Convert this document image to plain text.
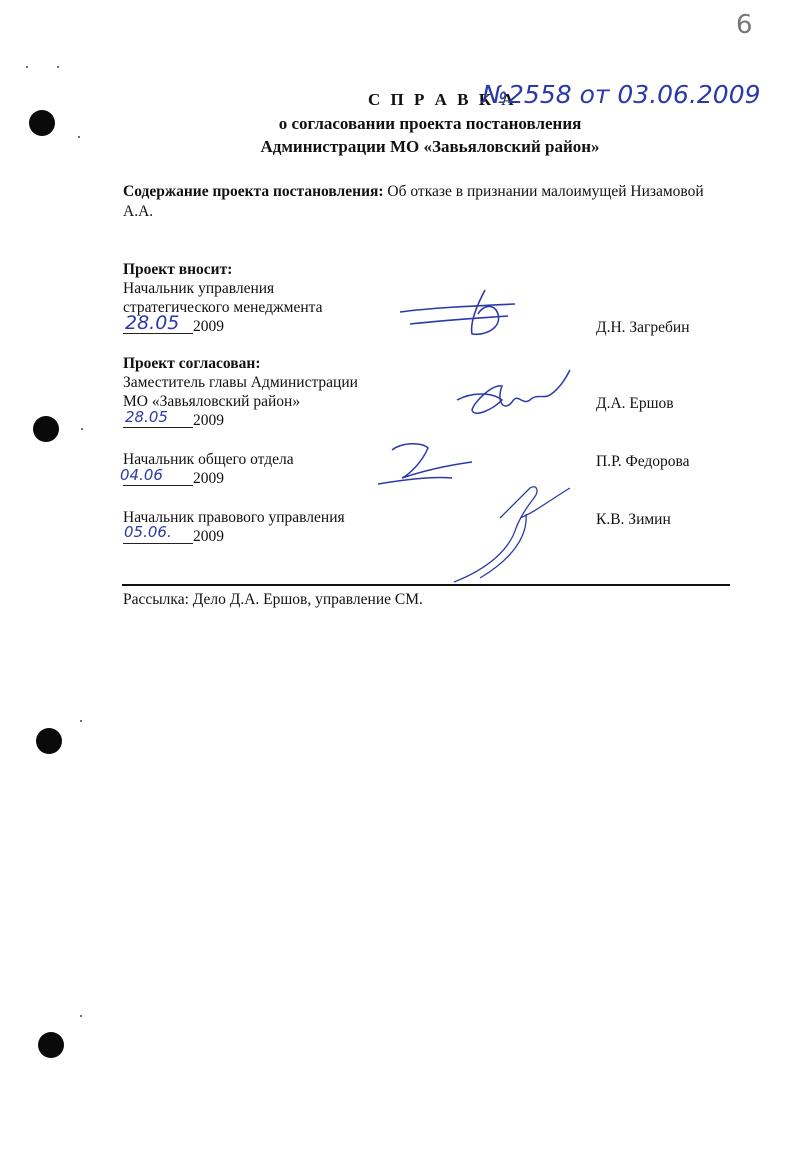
6
С П Р А В К А
№2558 от 03.06.2009
о согласовании проекта постановления
Администрации МО «Завьяловский район»
Содержание проекта постановления: Об отказе в признании малоимущей Низамовой
А.А.
Проект вносит:
Начальник управления
стратегического менеджмента
28.05 2009	Д.Н. Загребин
Проект согласован:
Заместитель главы Администрации
МО «Завьяловский район»
28.05 2009
Д.А. Ершов
Начальник общего отдела
04.06 2009
П.Р. Федорова
Начальник правового управления
05.06. 2009
К.В. Зимин
Рассылка: Дело Д.А. Ершов, управление СМ.
